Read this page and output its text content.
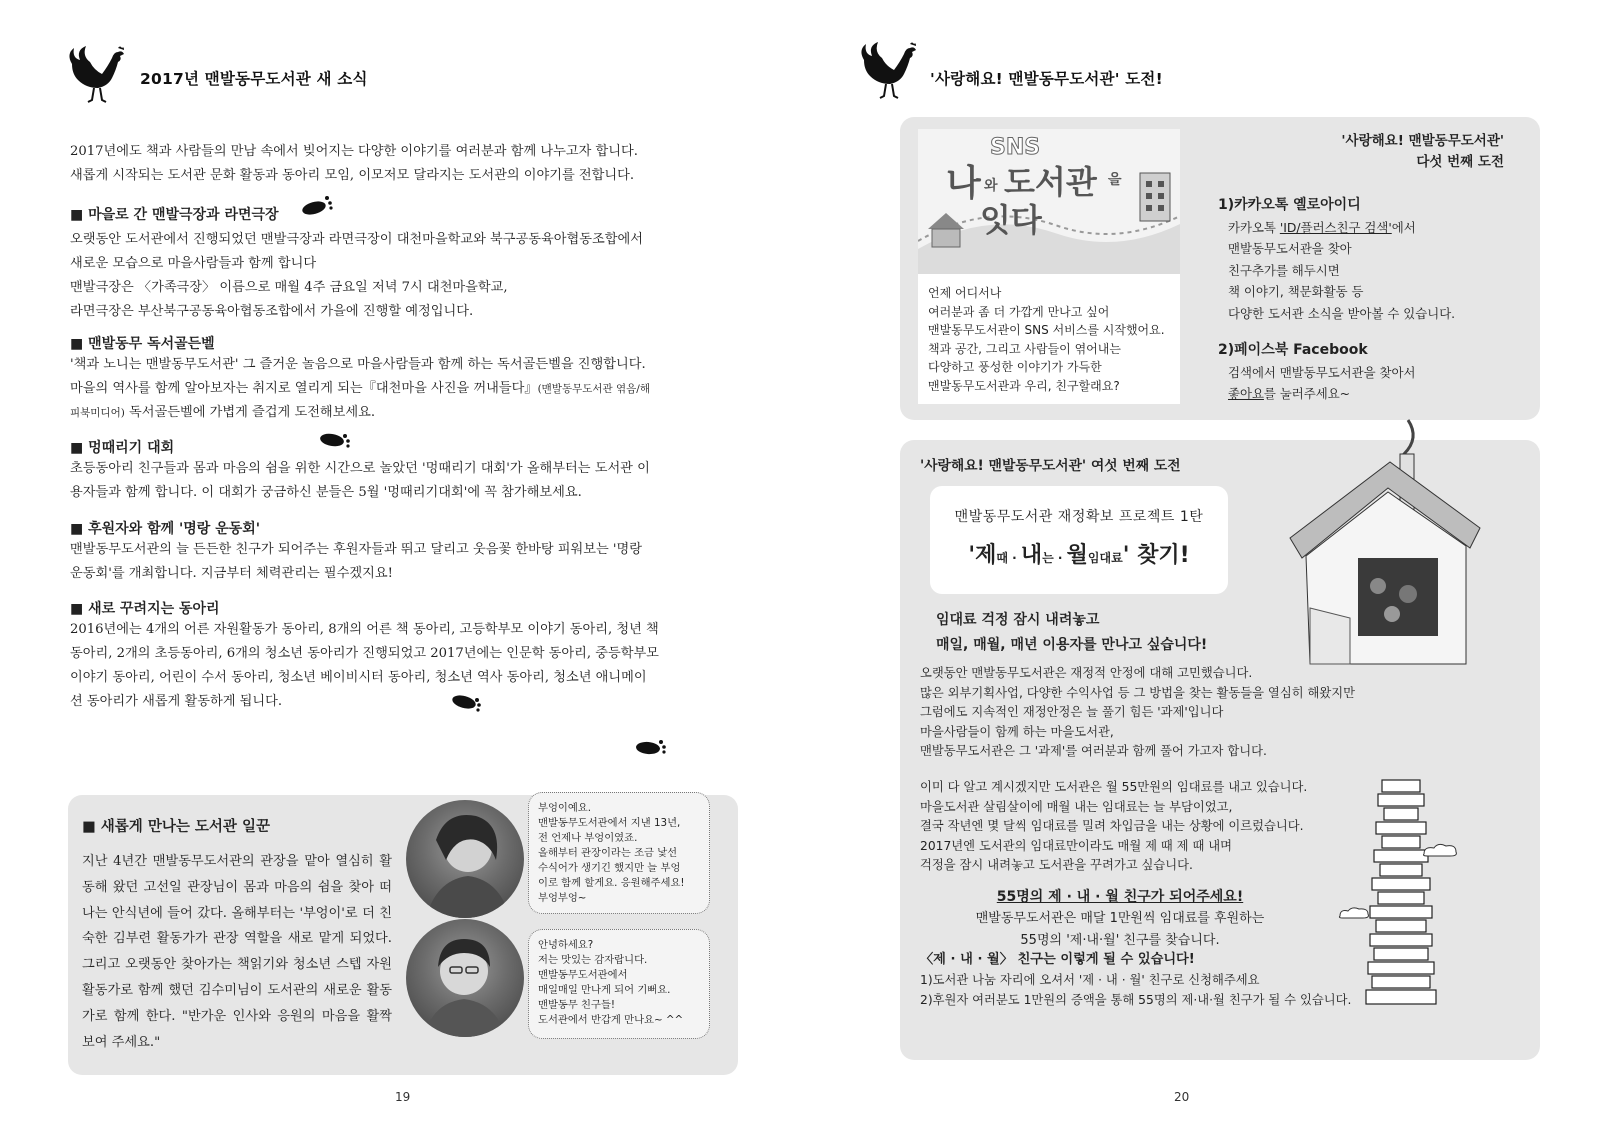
2017년 맨발동무도서관 새 소식
2017년에도 책과 사람들의 만남 속에서 빚어지는 다양한 이야기를 여러분과 함께 나누고자 합니다.
새롭게 시작되는 도서관 문화 활동과 동아리 모임, 이모저모 달라지는 도서관의 이야기를 전합니다.
■ 마을로 간 맨발극장과 라면극장
오랫동안 도서관에서 진행되었던 맨발극장과 라면극장이 대천마을학교와 북구공동육아협동조합에서
새로운 모습으로 마을사람들과 함께 합니다
맨발극장은 〈가족극장〉 이름으로 매월 4주 금요일 저녁 7시 대천마을학교,
라면극장은 부산북구공동육아협동조합에서 가을에 진행할 예정입니다.
■ 맨발동무 독서골든벨
'책과 노니는 맨발동무도서관' 그 즐거운 놀음으로 마을사람들과 함께 하는 독서골든벨을 진행합니다.
마을의 역사를 함께 알아보자는 취지로 열리게 되는『대천마을 사진을 꺼내들다』(맨발동무도서관 엮음/해
피북미디어) 독서골든벨에 가볍게 즐겁게 도전해보세요.
■ 멍때리기 대회
초등동아리 친구들과 몸과 마음의 쉼을 위한 시간으로 놀았던 '멍때리기 대회'가 올해부터는 도서관 이
용자들과 함께 합니다. 이 대회가 궁금하신 분들은 5월 '멍때리기대회'에 꼭 참가해보세요.
■ 후원자와 함께 '명랑 운동회'
맨발동무도서관의 늘 든든한 친구가 되어주는 후원자들과 뛰고 달리고 웃음꽃 한바탕 피워보는 '명랑
운동회'를 개최합니다. 지금부터 체력관리는 필수겠지요!
■ 새로 꾸려지는 동아리
2016년에는 4개의 어른 자원활동가 동아리, 8개의 어른 책 동아리, 고등학부모 이야기 동아리, 청년 책
동아리, 2개의 초등동아리, 6개의 청소년 동아리가 진행되었고 2017년에는 인문학 동아리, 중등학부모
이야기 동아리, 어린이 수서 동아리, 청소년 베이비시터 동아리, 청소년 역사 동아리, 청소년 애니메이
션 동아리가 새롭게 활동하게 됩니다.
■ 새롭게 만나는 도서관 일꾼
지난 4년간 맨발동무도서관의 관장을 맡아 열심히 활동해 왔던 고선일 관장님이 몸과 마음의 쉼을 찾아 떠나는 안식년에 들어 갔다. 올해부터는 '부엉이'로 더 친숙한 김부련 활동가가 관장 역할을 새로 맡게 되었다. 그리고 오랫동안 찾아가는 책읽기와 청소년 스텝 자원활동가로 함께 했던 김수미님이 도서관의 새로운 활동가로 함께 한다. "반가운 인사와 응원의 마음을 활짝 보여 주세요."
부엉이예요.
맨발동무도서관에서 지낸 13년,
전 언제나 부엉이였죠.
올해부터 관장이라는 조금 낯선
수식어가 생기긴 했지만 늘 부엉
이로 함께 할게요. 응원해주세요!
부엉부엉~
안녕하세요?
저는 맛있는 감자랍니다.
맨발동무도서관에서
매일매일 만나게 되어 기뻐요.
맨발동무 친구들!
도서관에서 반갑게 만나요~ ^^
19
'사랑해요! 맨발동무도서관' 도전!
SNS
나 와 도서관 을
잇다
언제 어디서나
여러분과 좀 더 가깝게 만나고 싶어
맨발동무도서관이 SNS 서비스를 시작했어요.
책과 공간, 그리고 사람들이 엮어내는
다양하고 풍성한 이야기가 가득한
맨발동무도서관과 우리, 친구할래요?
'사랑해요! 맨발동무도서관'
다섯 번째 도전
1)카카오톡 옐로아이디
카카오톡 'ID/플러스친구 검색'에서
맨발동무도서관을 찾아
친구추가를 해두시면
책 이야기, 책문화활동 등
다양한 도서관 소식을 받아볼 수 있습니다.
2)페이스북 Facebook
검색에서 맨발동무도서관을 찾아서
좋아요를 눌러주세요~
'사랑해요! 맨발동무도서관' 여섯 번째 도전
맨발동무도서관 재정확보 프로젝트 1탄
'제때 · 내는 · 월임대료' 찾기!
임대료 걱정 잠시 내려놓고
매일, 매월, 매년 이용자를 만나고 싶습니다!
오랫동안 맨발동무도서관은 재정적 안정에 대해 고민했습니다.
많은 외부기획사업, 다양한 수익사업 등 그 방법을 찾는 활동들을 열심히 해왔지만
그럼에도 지속적인 재정안정은 늘 풀기 힘든 '과제'입니다
마을사람들이 함께 하는 마을도서관,
맨발동무도서관은 그 '과제'를 여러분과 함께 풀어 가고자 합니다.
이미 다 알고 계시겠지만 도서관은 월 55만원의 임대료를 내고 있습니다.
마을도서관 살림살이에 매월 내는 임대료는 늘 부담이었고,
결국 작년엔 몇 달씩 임대료를 밀려 차입금을 내는 상황에 이르렀습니다.
2017년엔 도서관의 임대료만이라도 매월 제 때 제 때 내며
걱정을 잠시 내려놓고 도서관을 꾸려가고 싶습니다.
55명의 제 · 내 · 월 친구가 되어주세요!
맨발동무도서관은 매달 1만원씩 임대료를 후원하는
55명의 '제·내·월' 친구를 찾습니다.
〈제 · 내 · 월〉 친구는 이렇게 될 수 있습니다!
1)도서관 나눔 자리에 오셔서 '제 · 내 · 월' 친구로 신청해주세요
2)후원자 여러분도 1만원의 증액을 통해 55명의 제·내·월 친구가 될 수 있습니다.
20
